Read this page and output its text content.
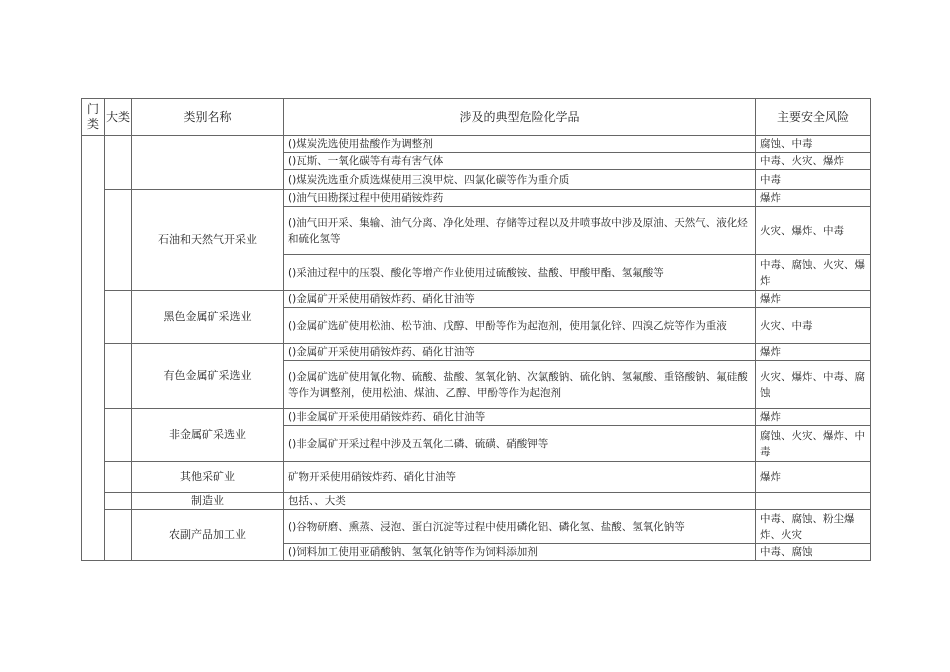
门类	大类	类别名称	涉及的典型危险化学品	主要安全风险
			()煤炭洗选使用盐酸作为调整剂	腐蚀、中毒
			()瓦斯、一氧化碳等有毒有害气体	中毒、火灾、爆炸
			()煤炭洗选重介质选煤使用三溴甲烷、四氯化碳等作为重介质	中毒
		石油和天然气开采业	()油气田勘探过程中使用硝铵炸药	爆炸
			()油气田开采、集输、油气分离、净化处理、存储等过程以及井喷事故中涉及原油、天然气、液化烃和硫化氢等	火灾、爆炸、中毒
			()采油过程中的压裂、酸化等增产作业使用过硫酸铵、盐酸、甲酸甲酯、氢氟酸等	中毒、腐蚀、火灾、爆炸
		黑色金属矿采选业	()金属矿开采使用硝铵炸药、硝化甘油等	爆炸
			()金属矿选矿使用松油、松节油、戊醇、甲酚等作为起泡剂，使用氯化锌、四溴乙烷等作为重液	火灾、中毒
		有色金属矿采选业	()金属矿开采使用硝铵炸药、硝化甘油等	爆炸
			()金属矿选矿使用氰化物、硫酸、盐酸、氢氧化钠、次氯酸钠、硫化钠、氢氟酸、重铬酸钠、氟硅酸等作为调整剂，使用松油、煤油、乙醇、甲酚等作为起泡剂	火灾、爆炸、中毒、腐蚀
		非金属矿采选业	()非金属矿开采使用硝铵炸药、硝化甘油等	爆炸
			()非金属矿开采过程中涉及五氧化二磷、硫磺、硝酸钾等	腐蚀、火灾、爆炸、中毒
		其他采矿业	矿物开采使用硝铵炸药、硝化甘油等	爆炸
		制造业	包括、、大类	
		农副产品加工业	()谷物研磨、熏蒸、浸泡、蛋白沉淀等过程中使用磷化铝、磷化氢、盐酸、氢氧化钠等	中毒、腐蚀、粉尘爆炸、火灾
			()饲料加工使用亚硝酸钠、氢氧化钠等作为饲料添加剂	中毒、腐蚀
